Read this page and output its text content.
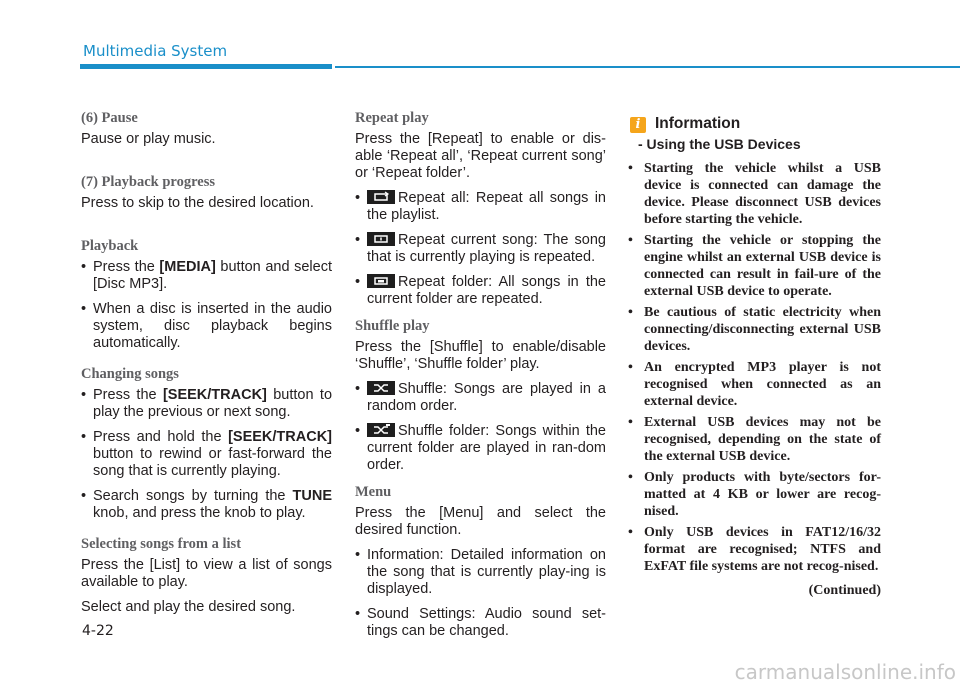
Multimedia System
(6) Pause

Pause or play music.

(7) Playback progress

Press to skip to the desired location.

Playback
• Press the [MEDIA] button and select [Disc MP3].
• When a disc is inserted in the audio system, disc playback begins automatically.
Changing songs
• Press the [SEEK/TRACK] button to play the previous or next song.
• Press and hold the [SEEK/TRACK] button to rewind or fast-forward the song that is currently playing.
• Search songs by turning the TUNE knob, and press the knob to play.
Selecting songs from a list

Press the [List] to view a list of songs available to play.

Select and play the desired song.

Repeat play

Press the [Repeat] to enable or dis-able ‘Repeat all’, ‘Repeat current song’ or ‘Repeat folder’.

• Repeat all: Repeat all songs in the playlist.
• Repeat current song: The song that is currently playing is repeated.
• Repeat folder: All songs in the current folder are repeated.
Shuffle play

Press the [Shuffle] to enable/disable ‘Shuffle’, ‘Shuffle folder’ play.

• Shuffle: Songs are played in a random order.
• Shuffle folder: Songs within the current folder are played in ran-dom order.
Menu

Press the [Menu] and select the desired function.

• Information: Detailed information on the song that is currently play-ing is displayed.
• Sound Settings: Audio sound set-tings can be changed.
i Information
- Using the USB Devices
• Starting the vehicle whilst a USB device is connected can damage the device. Please disconnect USB devices before starting the vehicle.
• Starting the vehicle or stopping the engine whilst an external USB device is connected can result in fail-ure of the external USB device to operate.
• Be cautious of static electricity when connecting/disconnecting external USB devices.
• An encrypted MP3 player is not recognised when connected as an external device.
• External USB devices may not be recognised, depending on the state of the external USB device.
• Only products with byte/sectors for-matted at 4 KB or lower are recog-nised.
• Only USB devices in FAT12/16/32 format are recognised; NTFS and ExFAT file systems are not recog-nised.
(Continued)
4-22
carmanualsonline.info
